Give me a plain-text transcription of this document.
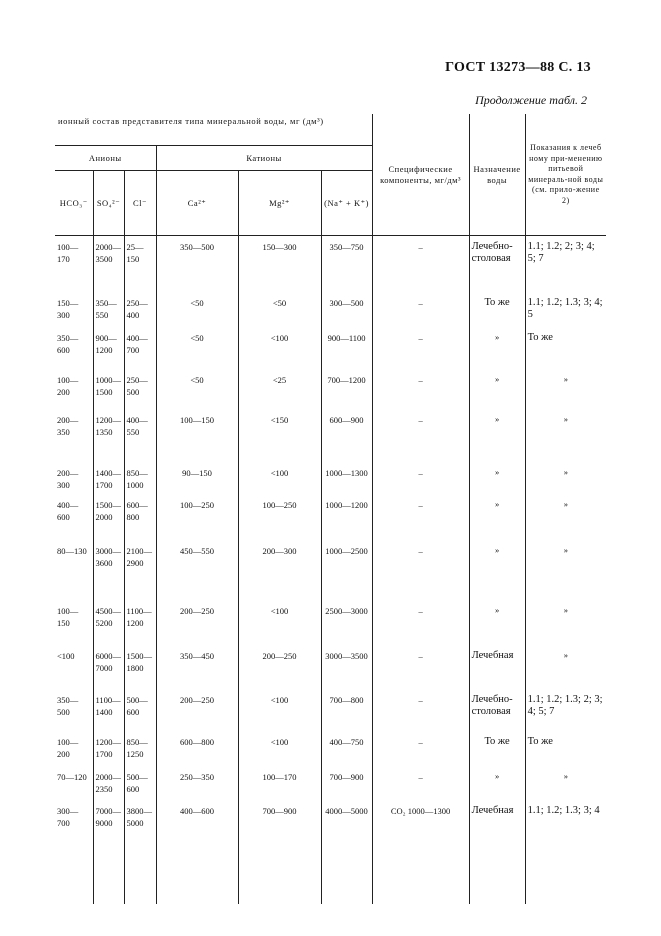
ГОСТ 13273—88 С. 13
Продолжение табл. 2
ионный состав представителя типа минеральной воды, мг (дм³)						Специфические компоненты, мг/дм³	Назначение воды	Показания к лечеб ному при-менению питьевой минераль-ной воды (см. прило-жение 2)
Анионы			Катионы					
HCO₃⁻	SO₄²⁻	Cl⁻	Ca²⁺	Mg²⁺	(Na⁺ + K⁺)			
100—170	2000—3500	25—150	350—500	150—300	350—750	–	Лечебно-столовая	1.1; 1.2; 2; 3; 4; 5; 7
150—300	350—550	250—400	<50	<50	300—500	–	То же	1.1; 1.2; 1.3; 3; 4; 5
350—600	900—1200	400—700	<50	<100	900—1100	–	»	То же
100—200	1000—1500	250—500	<50	<25	700—1200	–	»	»
200—350	1200—1350	400—550	100—150	<150	600—900	–	»	»
200—300	1400—1700	850—1000	90—150	<100	1000—1300	–	»	»
400—600	1500—2000	600—800	100—250	100—250	1000—1200	–	»	»
80—130	3000—3600	2100—2900	450—550	200—300	1000—2500	–	»	»
100—150	4500—5200	1100—1200	200—250	<100	2500—3000	–	»	»
<100	6000—7000	1500—1800	350—450	200—250	3000—3500	–	Лечебная	»
350—500	1100—1400	500—600	200—250	<100	700—800	–	Лечебно-столовая	1.1; 1.2; 1.3; 2; 3; 4; 5; 7
100—200	1200—1700	850—1250	600—800	<100	400—750	–	То же	То же
70—120	2000—2350	500—600	250—350	100—170	700—900	–	»	»
300—700	7000—9000	3800—5000	400—600	700—900	4000—5000	CO₂ 1000—1300	Лечебная	1.1; 1.2; 1.3; 3; 4
